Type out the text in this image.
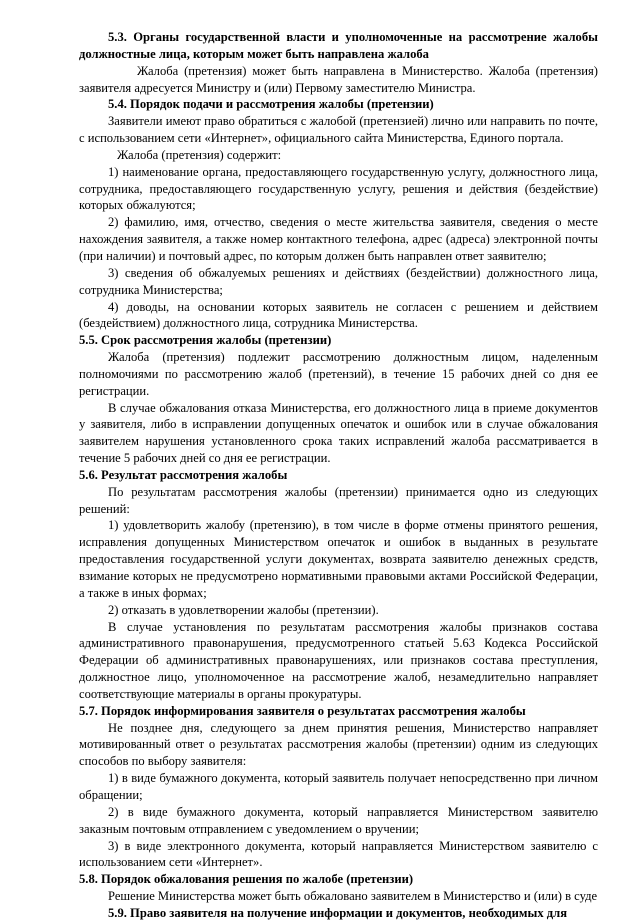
5.3. Органы государственной власти и уполномоченные на рассмотрение жалобы должностные лица, которым может быть направлена жалоба

Жалоба (претензия) может быть направлена в Министерство. Жалоба (претензия) заявителя адресуется Министру и (или) Первому заместителю Министра.

5.4. Порядок подачи и рассмотрения жалобы (претензии)

Заявители имеют право обратиться с жалобой (претензией) лично или направить по почте, с использованием сети «Интернет», официального сайта Министерства, Единого портала.

Жалоба (претензия) содержит:

1) наименование органа, предоставляющего государственную услугу, должностного лица, сотрудника, предоставляющего государственную услугу, решения и действия (бездействие) которых обжалуются;

2) фамилию, имя, отчество, сведения о месте жительства заявителя, сведения о месте нахождения заявителя, а также номер контактного телефона, адрес (адреса) электронной почты (при наличии) и почтовый адрес, по которым должен быть направлен ответ заявителю;

3) сведения об обжалуемых решениях и действиях (бездействии) должностного лица, сотрудника Министерства;

4) доводы, на основании которых заявитель не согласен с решением и действием (бездействием) должностного лица, сотрудника Министерства.

5.5. Срок рассмотрения жалобы (претензии)

Жалоба (претензия) подлежит рассмотрению должностным лицом, наделенным полномочиями по рассмотрению жалоб (претензий), в течение 15 рабочих дней со дня ее регистрации.

В случае обжалования отказа Министерства, его должностного лица в приеме документов у заявителя, либо в исправлении допущенных опечаток и ошибок или в случае обжалования заявителем нарушения установленного срока таких исправлений жалоба рассматривается в течение 5 рабочих дней со дня ее регистрации.

5.6. Результат рассмотрения жалобы

По результатам рассмотрения жалобы (претензии) принимается одно из следующих решений:

1) удовлетворить жалобу (претензию), в том числе в форме отмены принятого решения, исправления допущенных Министерством опечаток и ошибок в выданных в результате предоставления государственной услуги документах, возврата заявителю денежных средств, взимание которых не предусмотрено нормативными правовыми актами Российской Федерации, а также в иных формах;

2) отказать в удовлетворении жалобы (претензии).

В случае установления по результатам рассмотрения жалобы признаков состава административного правонарушения, предусмотренного статьей 5.63 Кодекса Российской Федерации об административных правонарушениях, или признаков состава преступления, должностное лицо, уполномоченное на рассмотрение жалоб, незамедлительно направляет соответствующие материалы в органы прокуратуры.

5.7. Порядок информирования заявителя о результатах рассмотрения жалобы

Не позднее дня, следующего за днем принятия решения, Министерство направляет мотивированный ответ о результатах рассмотрения жалобы (претензии) одним из следующих способов по выбору заявителя:

1) в виде бумажного документа, который заявитель получает непосредственно при личном обращении;

2) в виде бумажного документа, который направляется Министерством заявителю заказным почтовым отправлением с уведомлением о вручении;

3) в виде электронного документа, который направляется Министерством заявителю с использованием сети «Интернет».

5.8. Порядок обжалования решения по жалобе (претензии)

Решение Министерства может быть обжаловано заявителем в Министерство и (или) в суде

5.9. Право заявителя на получение информации и документов, необходимых для
